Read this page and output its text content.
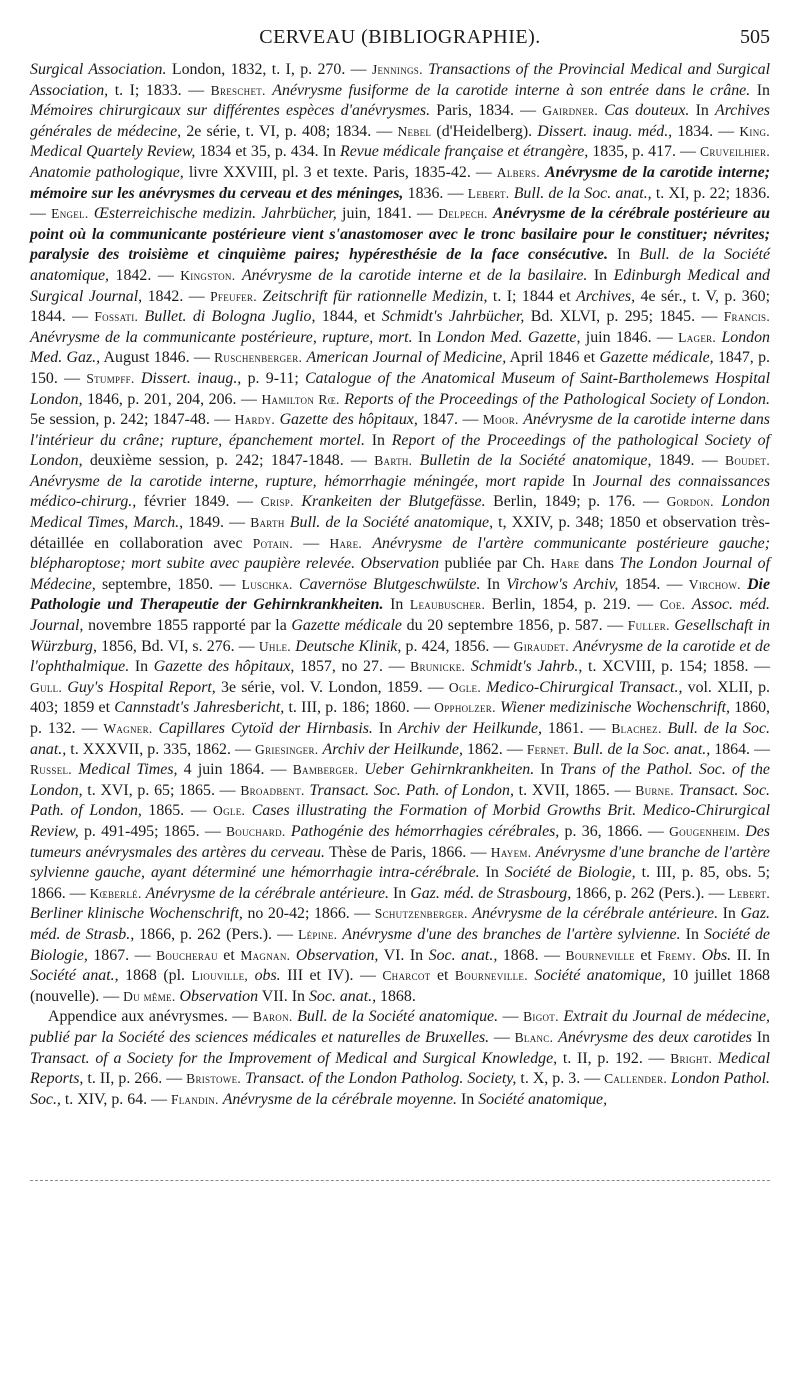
CERVEAU (BIBLIOGRAPHIE).	505

Surgical Association. London, 1832, t. I, p. 270. — Jennings. Transactions of the Provincial Medical and Surgical Association, t. I; 1833. — Breschet. Anévrysme fusiforme de la carotide interne à son entrée dans le crâne. In Mémoires chirurgicaux sur différentes espèces d'anévrysmes. Paris, 1834. — Gairdner. Cas douteux. In Archives générales de médecine, 2e série, t. VI, p. 408; 1834. — Nebel (d'Heidelberg). Dissert. inaug. méd., 1834. — King. Medical Quartely Review, 1834 et 35, p. 434. In Revue médicale française et étrangère, 1835, p. 417. — Cruveilhier. Anatomie pathologique, livre XXVIII, pl. 3 et texte. Paris, 1835-42. — Albers. Anévrysme de la carotide interne; mémoire sur les anévrysmes du cerveau et des méninges, 1836. — Lebert. Bull. de la Soc. anat., t. XI, p. 22; 1836. — Engel. Œsterreichische medizin. Jahrbücher, juin, 1841. — Delpech. Anévrysme de la cérébrale postérieure au point où la communicante postérieure vient s'anastomoser avec le tronc basilaire pour le constituer; névrites; paralysie des troisième et cinquième paires; hypéresthésie de la face consécutive. In Bull. de la Société anatomique, 1842. — Kingston. Anévrysme de la carotide interne et de la basilaire. In Edinburgh Medical and Surgical Journal, 1842. — Pfeufer. Zeitschrift für rationnelle Medizin, t. I; 1844 et Archives, 4e sér., t. V, p. 360; 1844. — Fossati. Bullet. di Bologna Juglio, 1844, et Schmidt's Jahrbücher, Bd. XLVI, p. 295; 1845. — Francis. Anévrysme de la communicante postérieure, rupture, mort. In London Med. Gazette, juin 1846. — Lager. London Med. Gaz., August 1846. — Ruschenberger. American Journal of Medicine, April 1846 et Gazette médicale, 1847, p. 150. — Stumpff. Dissert. inaug., p. 9-11; Catalogue of the Anatomical Museum of Saint-Bartholemews Hospital London, 1846, p. 201, 204, 206. — Hamilton Rœ. Reports of the Proceedings of the Pathological Society of London. 5e session, p. 242; 1847-48. — Hardy. Gazette des hôpitaux, 1847. — Moor. Anévrysme de la carotide interne dans l'intérieur du crâne; rupture, épanchement mortel. In Report of the Proceedings of the pathological Society of London, deuxième session, p. 242; 1847-1848. — Barth. Bulletin de la Société anatomique, 1849. — Boudet. Anévrysme de la carotide interne, rupture, hémorrhagie méningée, mort rapide In Journal des connaissances médico-chirurg., février 1849. — Crisp. Krankeiten der Blutgefässe. Berlin, 1849; p. 176. — Gordon. London Medical Times, March., 1849. — Barth Bull. de la Société anatomique, t, XXIV, p. 348; 1850 et observation très-détaillée en collaboration avec Potain. — Hare. Anévrysme de l'artère communicante postérieure gauche; blépharoptose; mort subite avec paupière relevée. Observation publiée par Ch. Hare dans The London Journal of Médecine, septembre, 1850. — Luschka. Cavernöse Blutgeschwülste. In Virchow's Archiv, 1854. — Virchow. Die Pathologie und Therapeutie der Gehirnkrankheiten. In Leaubuscher. Berlin, 1854, p. 219. — Coe. Assoc. méd. Journal, novembre 1855 rapporté par la Gazette médicale du 20 septembre 1856, p. 587. — Fuller. Gesellschaft in Würzburg, 1856, Bd. VI, s. 276. — Uhle. Deutsche Klinik, p. 424, 1856. — Giraudet. Anévrysme de la carotide et de l'ophthalmique. In Gazette des hôpitaux, 1857, no 27. — Brunicke. Schmidt's Jahrb., t. XCVIII, p. 154; 1858. — Gull. Guy's Hospital Report, 3e série, vol. V. London, 1859. — Ogle. Medico-Chirurgical Transact., vol. XLII, p. 403; 1859 et Cannstadt's Jahresbericht, t. III, p. 186; 1860. — Oppholzer. Wiener medizinische Wochenschrift, 1860, p. 132. — Wagner. Capillares Cytoïd der Hirnbasis. In Archiv der Heilkunde, 1861. — Blachez. Bull. de la Soc. anat., t. XXXVII, p. 335, 1862. — Griesinger. Archiv der Heilkunde, 1862. — Fernet. Bull. de la Soc. anat., 1864. — Russel. Medical Times, 4 juin 1864. — Bamberger. Ueber Gehirnkrankheiten. In Trans of the Pathol. Soc. of the London, t. XVI, p. 65; 1865. — Broadbent. Transact. Soc. Path. of London, t. XVII, 1865. — Burne. Transact. Soc. Path. of London, 1865. — Ogle. Cases illustrating the Formation of Morbid Growths Brit. Medico-Chirurgical Review, p. 491-495; 1865. — Bouchard. Pathogénie des hémorrhagies cérébrales, p. 36, 1866. — Gougenheim. Des tumeurs anévrysmales des artères du cerveau. Thèse de Paris, 1866. — Hayem. Anévrysme d'une branche de l'artère sylvienne gauche, ayant déterminé une hémorrhagie intra-cérébrale. In Société de Biologie, t. III, p. 85, obs. 5; 1866. — Kœberlé. Anévrysme de la cérébrale antérieure. In Gaz. méd. de Strasbourg, 1866, p. 262 (Pers.). — Lebert. Berliner klinische Wochenschrift, no 20-42; 1866. — Schutzenberger. Anévrysme de la cérébrale antérieure. In Gaz. méd. de Strasb., 1866, p. 262 (Pers.). — Lépine. Anévrysme d'une des branches de l'artère sylvienne. In Société de Biologie, 1867. — Boucherau et Magnan. Observation, VI. In Soc. anat., 1868. — Bourneville et Fremy. Obs. II. In Société anat., 1868 (pl. Liouville, obs. III et IV). — Charcot et Bourneville. Société anatomique, 10 juillet 1868 (nouvelle). — Du même. Observation VII. In Soc. anat., 1868.

Appendice aux anévrysmes. — Baron. Bull. de la Société anatomique. — Bigot. Extrait du Journal de médecine, publié par la Société des sciences médicales et naturelles de Bruxelles. — Blanc. Anévrysme des deux carotides In Transact. of a Society for the Improvement of Medical and Surgical Knowledge, t. II, p. 192. — Bright. Medical Reports, t. II, p. 266. — Bristowe. Transact. of the London Patholog. Society, t. X, p. 3. — Callender. London Pathol. Soc., t. XIV, p. 64. — Flandin. Anévrysme de la cérébrale moyenne. In Société anatomique,
